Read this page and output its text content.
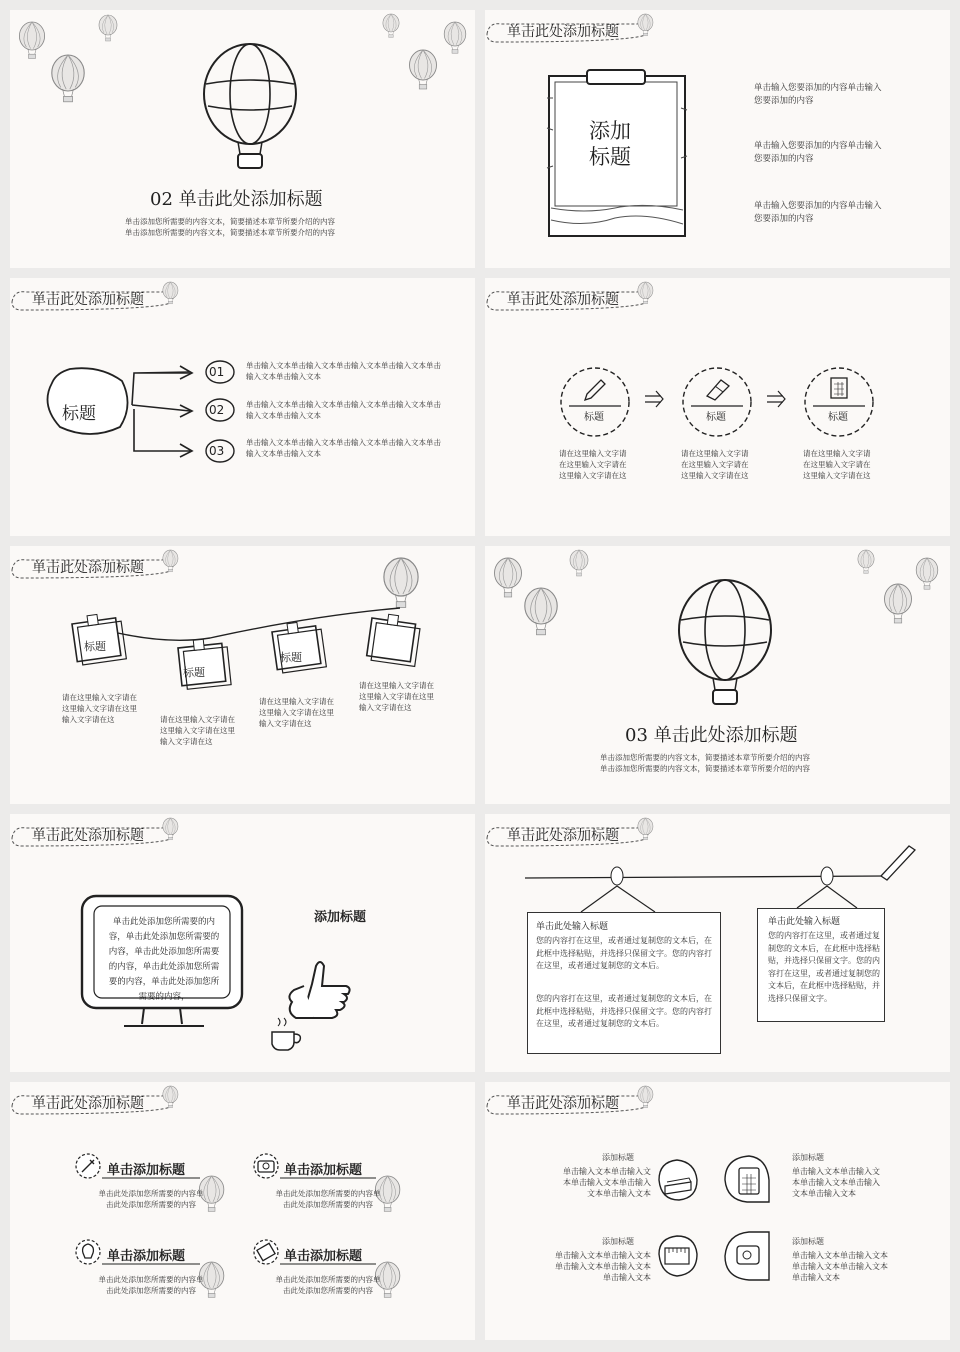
02 单击此处添加标题
单击添加您所需要的内容文本，简要描述本章节所要介绍的内容
单击添加您所需要的内容文本，简要描述本章节所要介绍的内容
单击此处添加标题
添加
标题
单击输入您要添加的内容单击输入您要添加的内容
单击输入您要添加的内容单击输入您要添加的内容
单击输入您要添加的内容单击输入您要添加的内容
单击此处添加标题
标题
01
02
03
单击输入文本单击输入文本单击输入文本单击输入文本单击输入文本单击输入文本
单击输入文本单击输入文本单击输入文本单击输入文本单击输入文本单击输入文本
单击输入文本单击输入文本单击输入文本单击输入文本单击输入文本单击输入文本
单击此处添加标题
标题	标题	标题
请在这里输入文字请在这里输入文字请在这里输入文字请在这
请在这里输入文字请在这里输入文字请在这里输入文字请在这
请在这里输入文字请在这里输入文字请在这里输入文字请在这
单击此处添加标题
标题
标题
标题
请在这里输入文字请在这里输入文字请在这里输入文字请在这	请在这里输入文字请在这里输入文字请在这里输入文字请在这
请在这里输入文字请在这里输入文字请在这里输入文字请在这
请在这里输入文字请在这里输入文字请在这里输入文字请在这
03 单击此处添加标题
单击添加您所需要的内容文本，简要描述本章节所要介绍的内容
单击添加您所需要的内容文本，简要描述本章节所要介绍的内容
单击此处添加标题
单击此处添加您所需要的内容，单击此处添加您所需要的内容，单击此处添加您所需要的内容，单击此处添加您所需要的内容，单击此处添加您所需要的内容，
添加标题
单击此处添加标题
单击此处输入标题
您的内容打在这里，或者通过复制您的文本后，在此框中选择粘贴，并选择只保留文字。您的内容打在这里，或者通过复制您的文本后。
您的内容打在这里，或者通过复制您的文本后，在此框中选择粘贴，并选择只保留文字。您的内容打在这里，或者通过复制您的文本后。
单击此处输入标题
您的内容打在这里，或者通过复制您的文本后，在此框中选择粘贴，并选择只保留文字。您的内容打在这里，或者通过复制您的文本后，在此框中选择粘贴，并选择只保留文字。
单击此处添加标题
单击添加标题	单击添加标题
单击添加标题	单击添加标题
单击此处添加您所需要的内容单击此处添加您所需要的内容
单击此处添加您所需要的内容单击此处添加您所需要的内容
单击此处添加您所需要的内容单击此处添加您所需要的内容
单击此处添加您所需要的内容单击此处添加您所需要的内容
单击此处添加标题
添加标题
单击输入文本单击输入文
本单击输入文本单击输入
文本单击输入文本
添加标题
单击输入文本单击输入文
本单击输入文本单击输入
文本单击输入文本
添加标题
单击输入文本单击输入文本
单击输入文本单击输入文本
单击输入文本
添加标题
单击输入文本单击输入文本
单击输入文本单击输入文本
单击输入文本
